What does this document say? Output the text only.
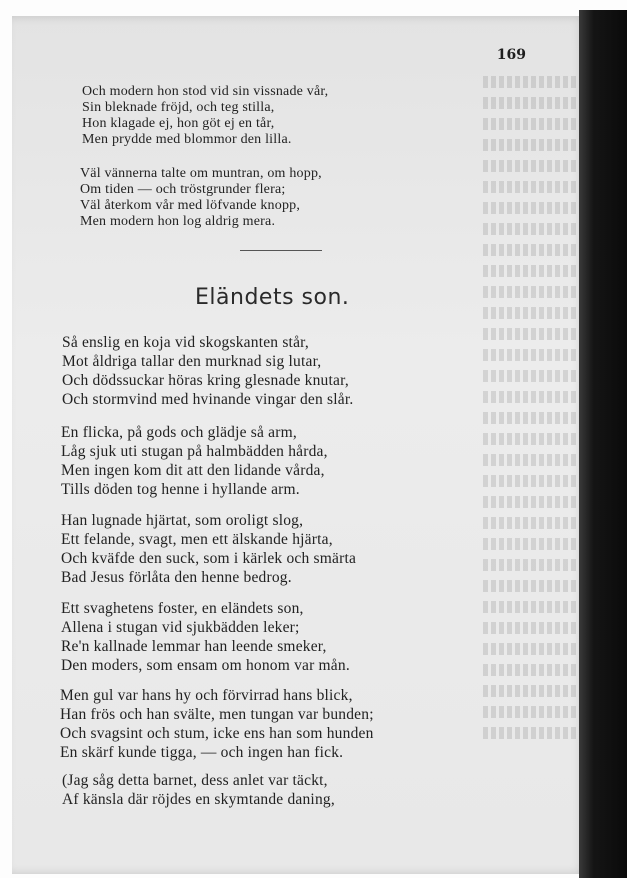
169
Och modern hon stod vid sin vissnade vår,
Sin bleknade fröjd, och teg stilla,
Hon klagade ej, hon göt ej en tår,
Men prydde med blommor den lilla.
Väl vännerna talte om muntran, om hopp,
Om tiden — och tröstgrunder flera;
Väl återkom vår med löfvande knopp,
Men modern hon log aldrig mera.
Eländets son.
Så enslig en koja vid skogskanten står,
Mot åldriga tallar den murknad sig lutar,
Och dödssuckar höras kring glesnade knutar,
Och stormvind med hvinande vingar den slår.
En flicka, på gods och glädje så arm,
Låg sjuk uti stugan på halmbädden hårda,
Men ingen kom dit att den lidande vårda,
Tills döden tog henne i hyllande arm.
Han lugnade hjärtat, som oroligt slog,
Ett felande, svagt, men ett älskande hjärta,
Och kväfde den suck, som i kärlek och smärta
Bad Jesus förlåta den henne bedrog.
Ett svaghetens foster, en eländets son,
Allena i stugan vid sjukbädden leker;
Re'n kallnade lemmar han leende smeker,
Den moders, som ensam om honom var mån.
Men gul var hans hy och förvirrad hans blick,
Han frös och han svälte, men tungan var bunden;
Och svagsint och stum, icke ens han som hunden
En skärf kunde tigga, — och ingen han fick.
(Jag såg detta barnet, dess anlet var täckt,
Af känsla där röjdes en skymtande daning,
